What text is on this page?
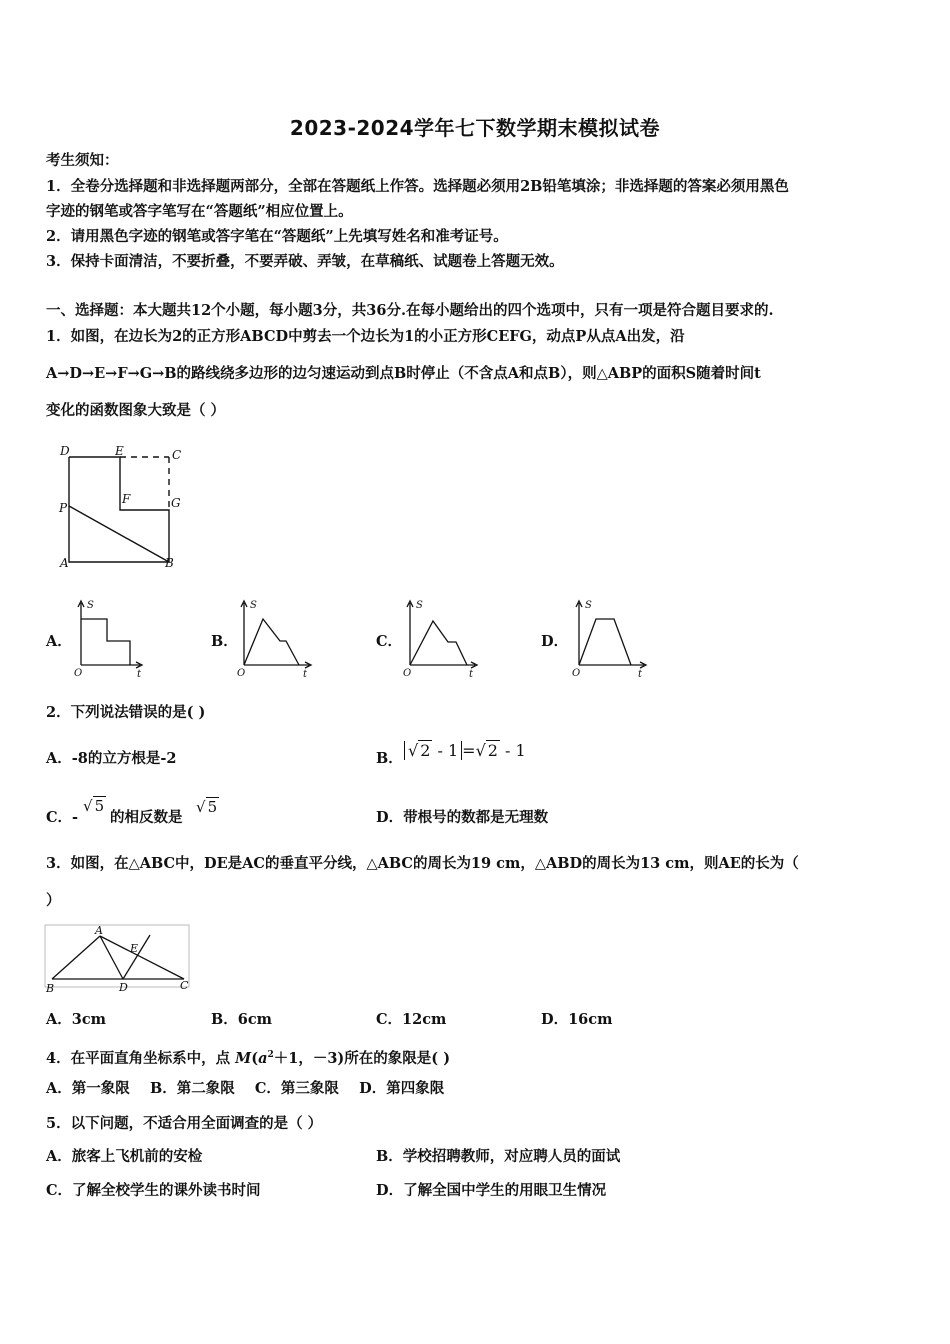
2023-2024学年七下数学期末模拟试卷
考生须知：
1．全卷分选择题和非选择题两部分，全部在答题纸上作答。选择题必须用2B铅笔填涂；非选择题的答案必须用黑色
字迹的钢笔或答字笔写在“答题纸”相应位置上。
2．请用黑色字迹的钢笔或答字笔在“答题纸”上先填写姓名和准考证号。
3．保持卡面清洁，不要折叠，不要弄破、弄皱，在草稿纸、试题卷上答题无效。
一、选择题：本大题共12个小题，每小题3分，共36分.在每小题给出的四个选项中，只有一项是符合题目要求的.
1．如图，在边长为2的正方形ABCD中剪去一个边长为1的小正方形CEFG，动点P从点A出发，沿
A→D→E→F→G→B的路线绕多边形的边匀速运动到点B时停止（不含点A和点B），则△ABP的面积S随着时间t
变化的函数图象大致是（ ）
D	E	C
P
F	G
A	B
A．
S
O	t
B．
S
O	t
C．
S
O	t
D．
S
O	t
2．下列说法错误的是( )
A．-8的立方根是-2	B． √ 2 - 1 =√ 2 - 1
C．-
√ 5
的相反数是
√ 5
D．带根号的数都是无理数
3．如图，在△ABC中，DE是AC的垂直平分线，△ABC的周长为19 cm，△ABD的周长为13 cm，则AE的长为（
）
A
E
B	D	C
A．3cm	B．6cm	C．12cm	D．16cm
4．在平面直角坐标系中，点 $M(a^2+1$，－3)所在的象限是( )
A．第一象限    B．第二象限    C．第三象限    D．第四象限
5．以下问题，不适合用全面调查的是（ ）
A．旅客上飞机前的安检	B．学校招聘教师，对应聘人员的面试
C．了解全校学生的课外读书时间	D．了解全国中学生的用眼卫生情况
